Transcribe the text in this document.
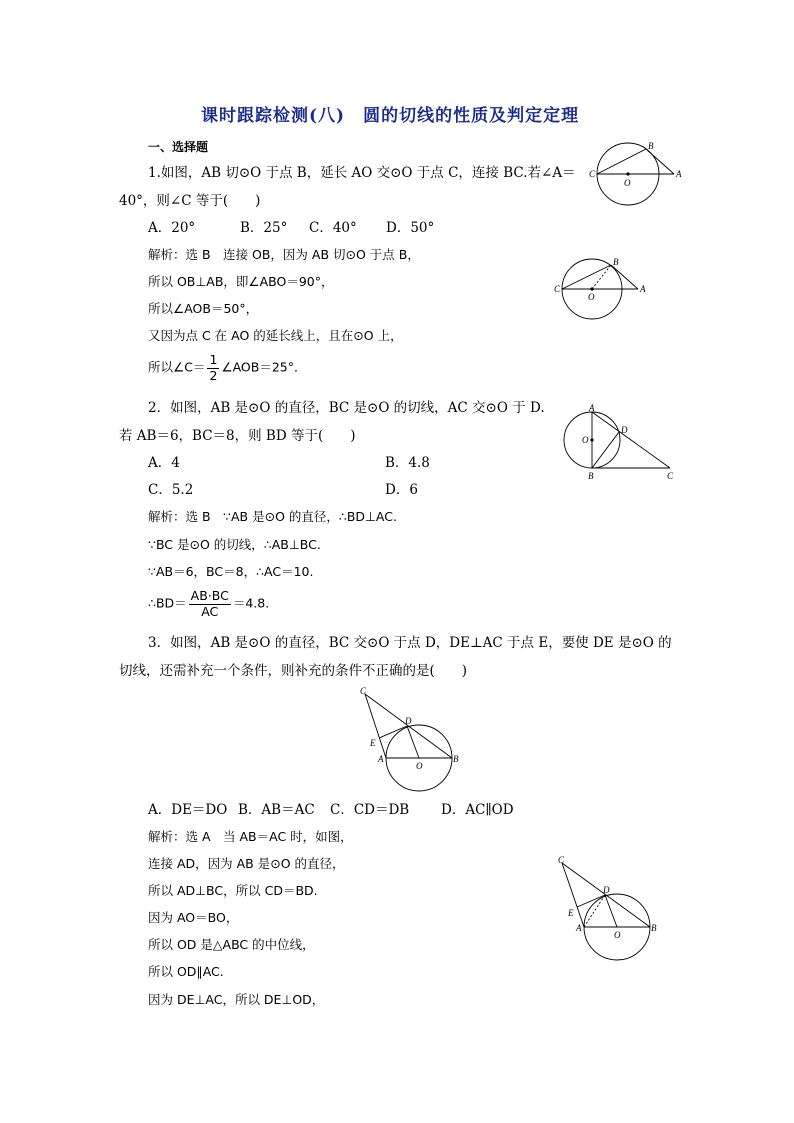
课时跟踪检测(八)　圆的切线的性质及判定定理
一、选择题
1.如图，AB 切⊙O 于点 B，延长 AO 交⊙O 于点 C，连接 BC.若∠A＝
40°，则∠C 等于(　　)
A．20°	B．25° C．40° D．50°
解析：选 B　连接 OB，因为 AB 切⊙O 于点 B，
所以 OB⊥AB，即∠ABO＝90°，
所以∠AOB＝50°，
又因为点 C 在 AO 的延长线上，且在⊙O 上，
所以∠C＝ $\frac{1}{2}$ ∠AOB＝25°.
2．如图，AB 是⊙O 的直径，BC 是⊙O 的切线，AC 交⊙O 于 D.
若 AB＝6，BC＝8，则 BD 等于(　　)
A．4	B．4.8
C．5.2	D．6
解析：选 B　∵AB 是⊙O 的直径，∴BD⊥AC.
∵BC 是⊙O 的切线，∴AB⊥BC.
∵AB＝6，BC＝8，∴AC＝10.
∴BD＝ $\frac{AB\cdot BC}{AC} =4.8$.
3．如图，AB 是⊙O 的直径，BC 交⊙O 于点 D，DE⊥AC 于点 E，要使 DE 是⊙O 的
切线，还需补充一个条件，则补充的条件不正确的是(　　)
A．DE＝DO B．AB＝AC C．CD＝DB D．AC∥OD
解析：选 A　当 AB＝AC 时，如图，
连接 AD，因为 AB 是⊙O 的直径，
所以 AD⊥BC，所以 CD＝BD.
因为 AO＝BO，
所以 OD 是△ABC 的中位线，
所以 OD∥AC.
因为 DE⊥AC，所以 DE⊥OD，
B
C
O
A
B
C
O
A
A
D
O
B	C
C
D
E
A
O
B
C
D
E
A
O
B
